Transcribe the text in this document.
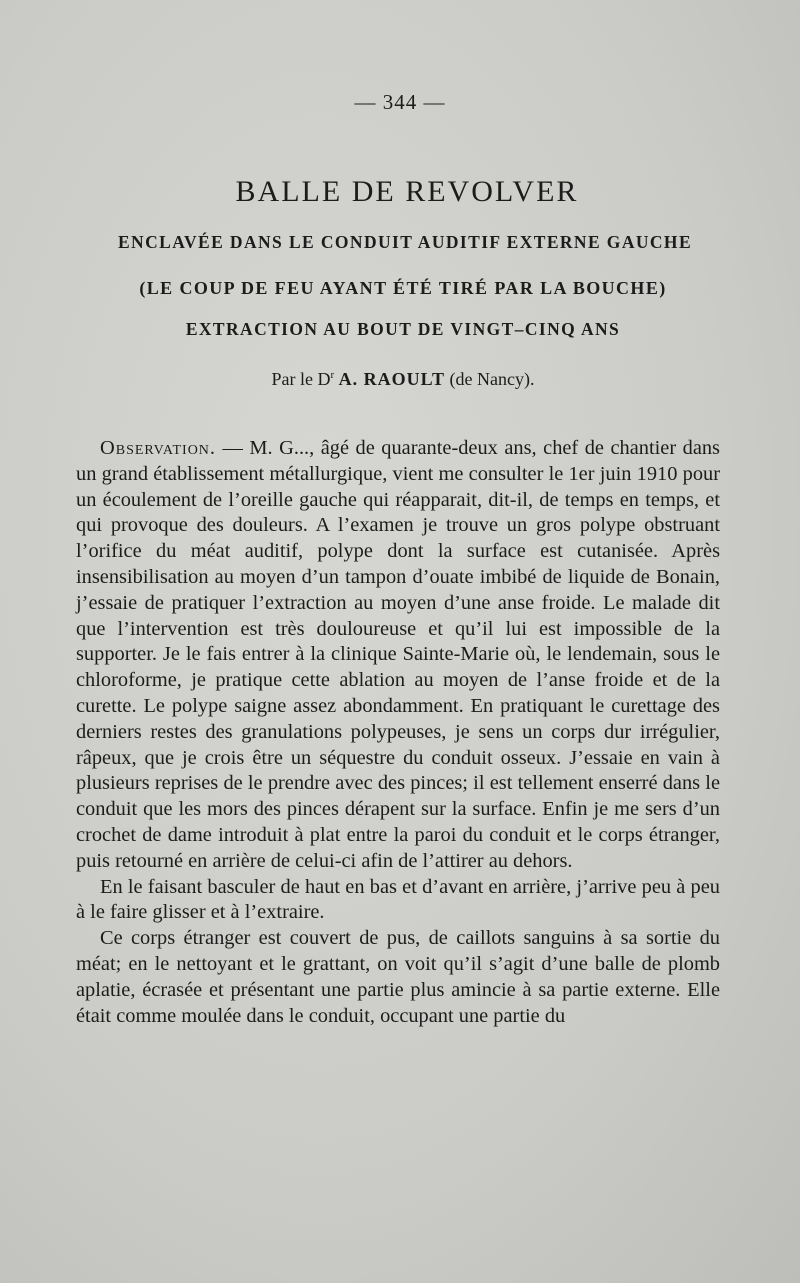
— 344 —
BALLE DE REVOLVER
ENCLAVÉE DANS LE CONDUIT AUDITIF EXTERNE GAUCHE
(LE COUP DE FEU AYANT ÉTÉ TIRÉ PAR LA BOUCHE)
EXTRACTION AU BOUT DE VINGT–CINQ ANS
Par le $D^r$ A. RAOULT (de Nancy).

Observation. — M. G..., âgé de quarante-deux ans, chef de chantier dans un grand établissement métallurgique, vient me consulter le 1er juin 1910 pour un écoulement de l’oreille gauche qui réapparait, dit-il, de temps en temps, et qui provoque des douleurs. A l’examen je trouve un gros polype obstruant l’orifice du méat auditif, polype dont la surface est cutanisée. Après insensibilisation au moyen d’un tampon d’ouate imbibé de liquide de Bonain, j’essaie de pratiquer l’extraction au moyen d’une anse froide. Le malade dit que l’intervention est très douloureuse et qu’il lui est impossible de la supporter. Je le fais entrer à la clinique Sainte-Marie où, le lendemain, sous le chloroforme, je pratique cette ablation au moyen de l’anse froide et de la curette. Le polype saigne assez abondamment. En pratiquant le curettage des derniers restes des granulations polypeuses, je sens un corps dur irrégulier, râpeux, que je crois être un séquestre du conduit osseux. J’essaie en vain à plusieurs reprises de le prendre avec des pinces; il est tellement enserré dans le conduit que les mors des pinces dérapent sur la surface. Enfin je me sers d’un crochet de dame introduit à plat entre la paroi du conduit et le corps étranger, puis retourné en arrière de celui-ci afin de l’attirer au dehors.

En le faisant basculer de haut en bas et d’avant en arrière, j’arrive peu à peu à le faire glisser et à l’extraire.

Ce corps étranger est couvert de pus, de caillots sanguins à sa sortie du méat; en le nettoyant et le grattant, on voit qu’il s’agit d’une balle de plomb aplatie, écrasée et présentant une partie plus amincie à sa partie externe. Elle était comme moulée dans le conduit, occupant une partie du
